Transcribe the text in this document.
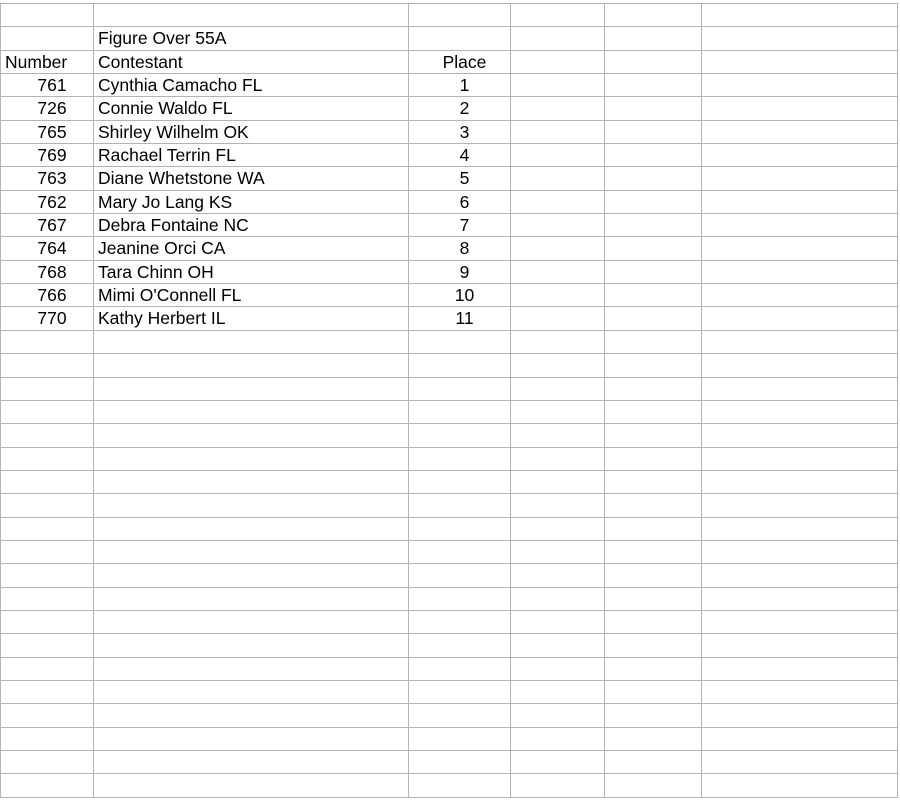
Figure Over 55A
Number	Contestant	Place
761	Cynthia Camacho FL	1
726	Connie Waldo FL	2
765	Shirley Wilhelm OK	3
769	Rachael Terrin FL	4
763	Diane Whetstone WA	5
762	Mary Jo Lang KS	6
767	Debra Fontaine NC	7
764	Jeanine Orci CA	8
768	Tara Chinn OH	9
766	Mimi O'Connell FL	10
770	Kathy Herbert IL	11
